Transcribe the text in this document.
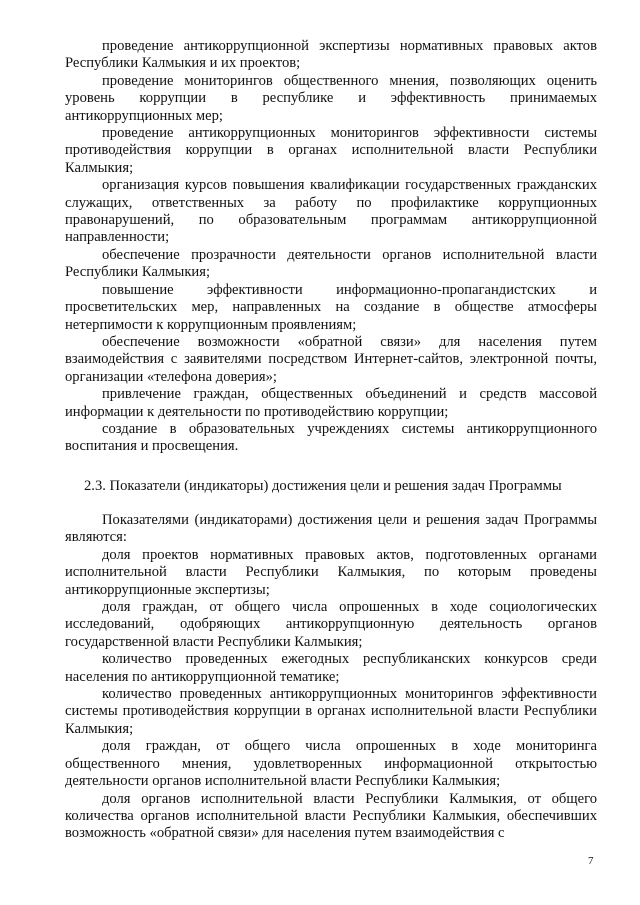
проведение антикоррупционной экспертизы нормативных правовых актов Республики Калмыкия и их проектов;

проведение мониторингов общественного мнения, позволяющих оценить уровень коррупции в республике и эффективность принимаемых антикоррупционных мер;

проведение антикоррупционных мониторингов эффективности системы противодействия коррупции в органах исполнительной власти Республики Калмыкия;

организация курсов повышения квалификации государственных гражданских служащих, ответственных за работу по профилактике коррупционных правонарушений, по образовательным программам антикоррупционной направленности;

обеспечение прозрачности деятельности органов исполнительной власти Республики Калмыкия;

повышение эффективности информационно-пропагандистских и просветительских мер, направленных на создание в обществе атмосферы нетерпимости к коррупционным проявлениям;

обеспечение возможности «обратной связи» для населения путем взаимодействия с заявителями посредством Интернет-сайтов, электронной почты, организации «телефона доверия»;

привлечение граждан, общественных объединений и средств массовой информации к деятельности по противодействию коррупции;

создание в образовательных учреждениях системы антикоррупционного воспитания и просвещения.

2.3. Показатели (индикаторы) достижения цели и решения задач Программы

Показателями (индикаторами) достижения цели и решения задач Программы являются:

доля проектов нормативных правовых актов, подготовленных органами исполнительной власти Республики Калмыкия, по которым проведены антикоррупционные экспертизы;

доля граждан, от общего числа опрошенных в ходе социологических исследований, одобряющих антикоррупционную деятельность органов государственной власти Республики Калмыкия;

количество проведенных ежегодных республиканских конкурсов среди населения по антикоррупционной тематике;

количество проведенных антикоррупционных мониторингов эффективности системы противодействия коррупции в органах исполнительной власти Республики Калмыкия;

доля граждан, от общего числа опрошенных в ходе мониторинга общественного мнения, удовлетворенных информационной открытостью деятельности органов исполнительной власти Республики Калмыкия;

доля органов исполнительной власти Республики Калмыкия, от общего количества органов исполнительной власти Республики Калмыкия, обеспечивших возможность «обратной связи» для населения путем взаимодействия с

7
